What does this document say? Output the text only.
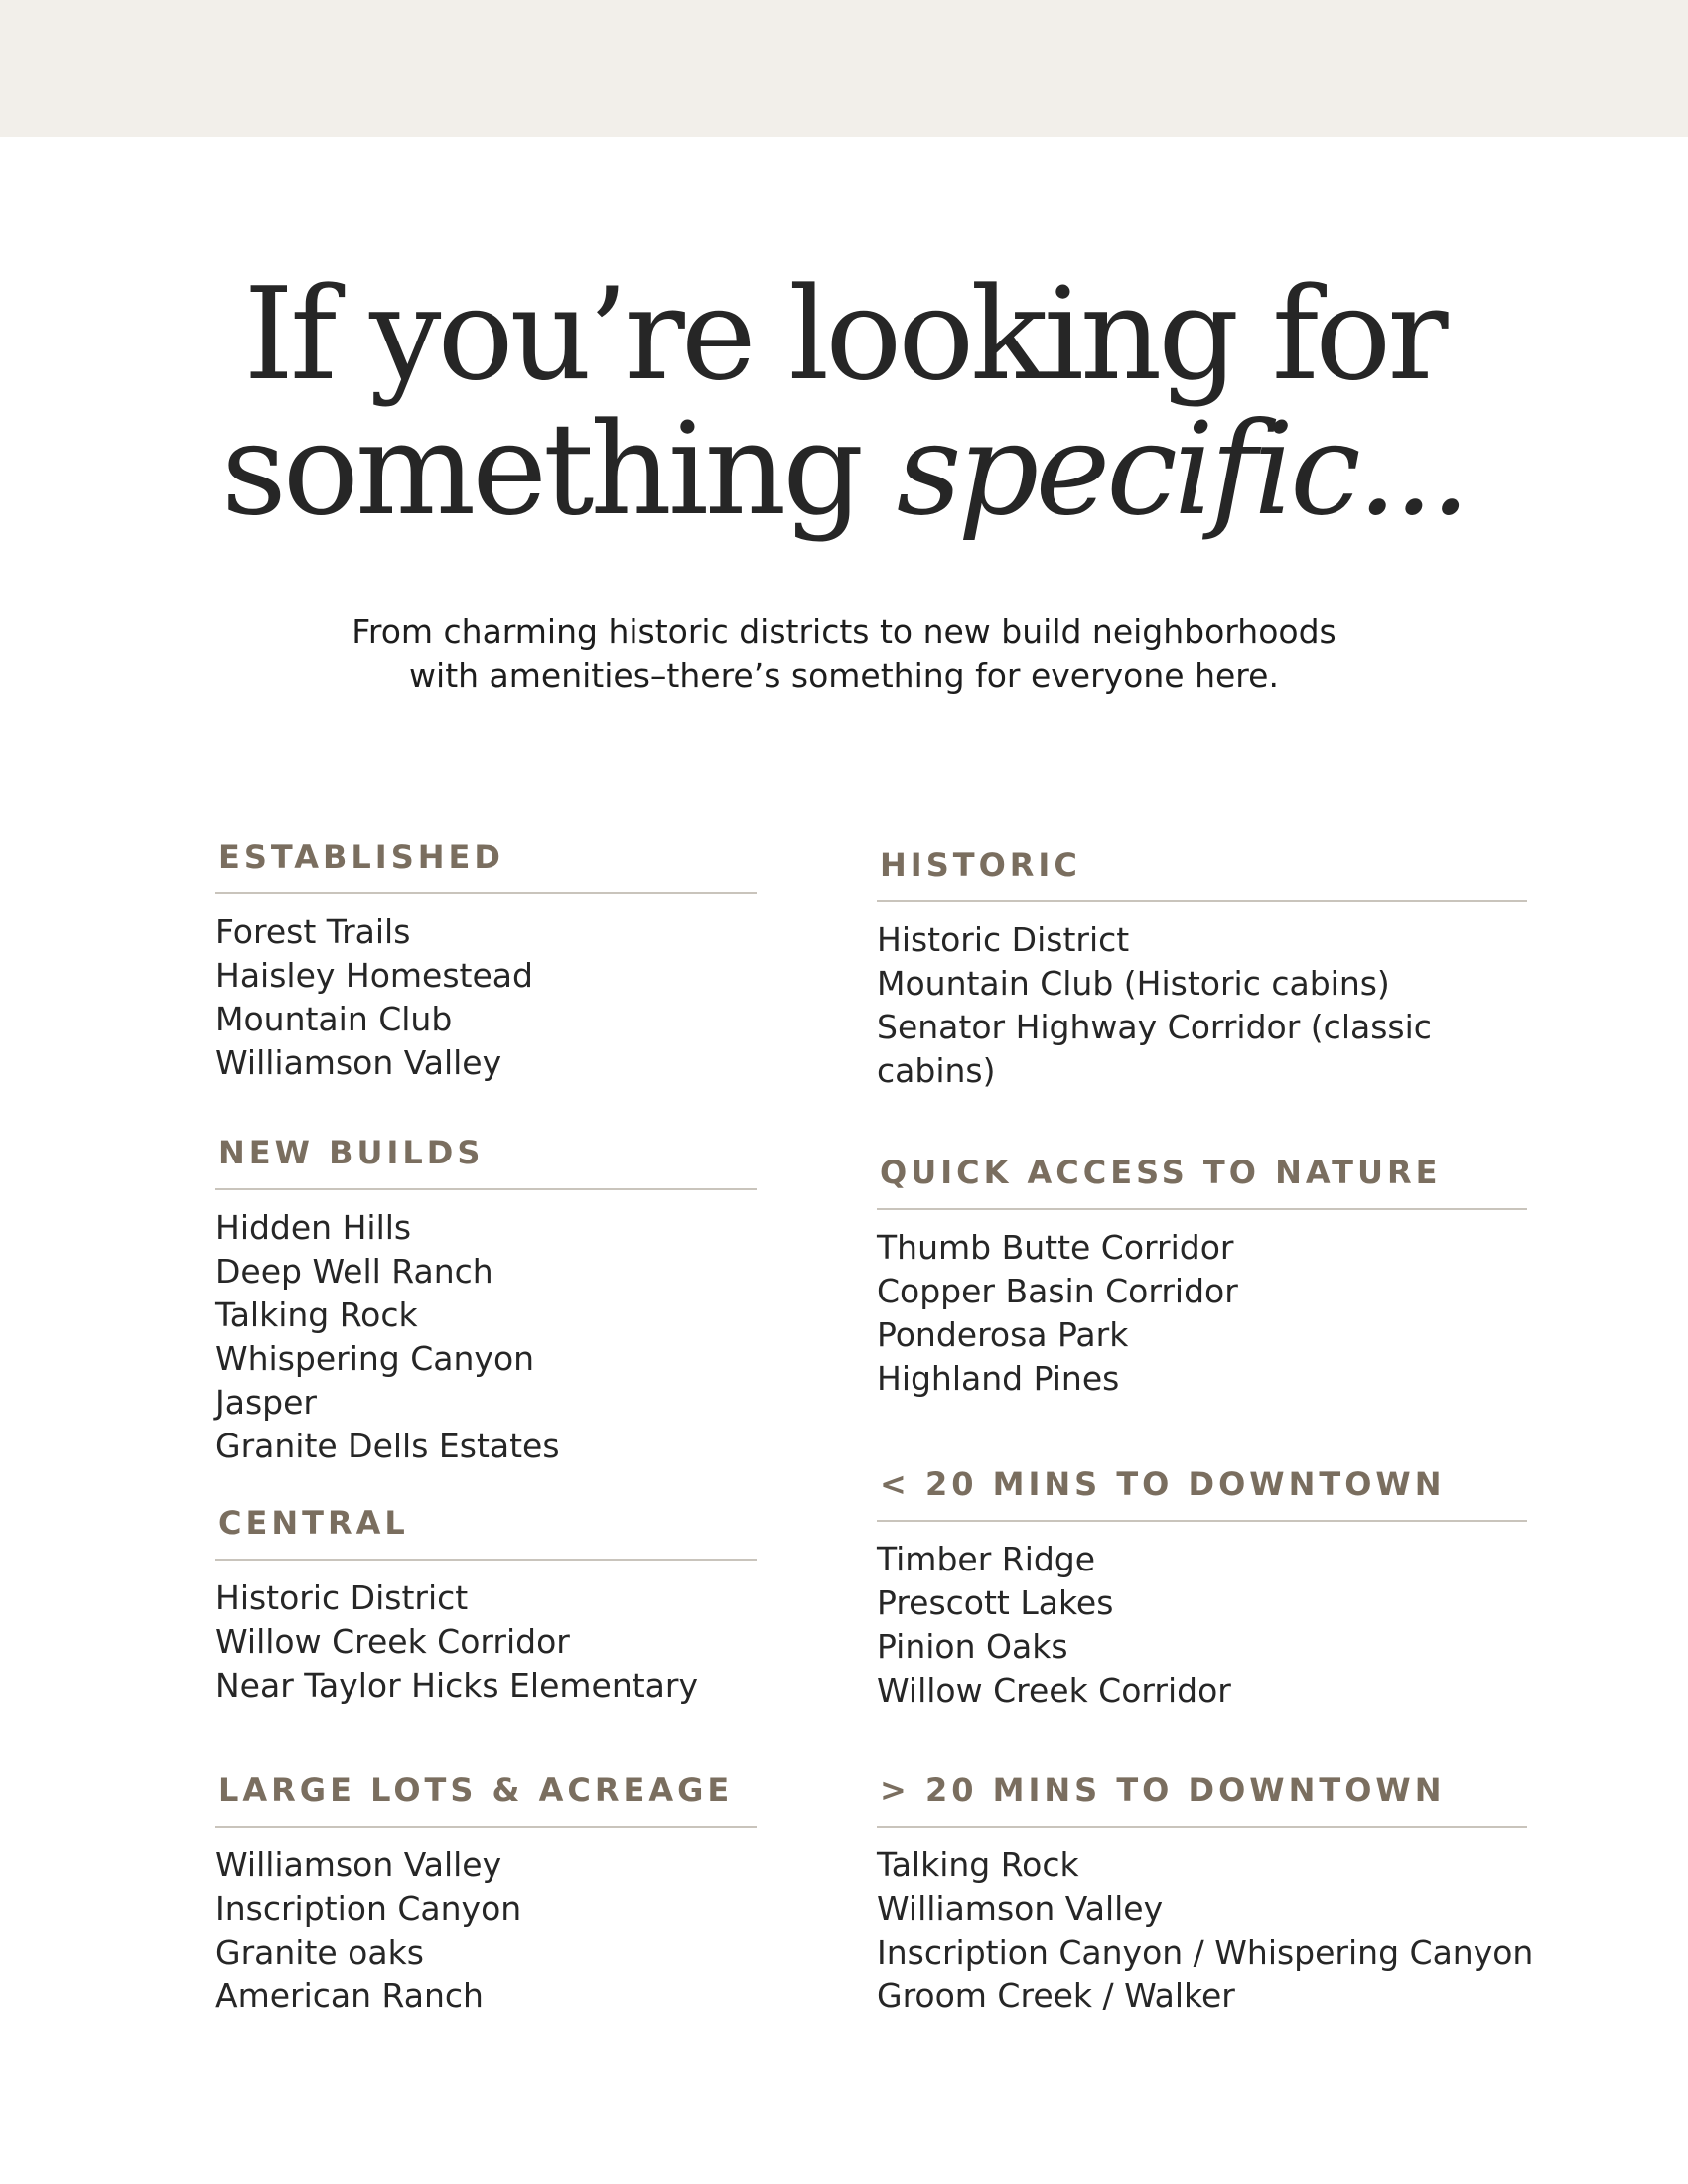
If you’re looking for
something specific...

From charming historic districts to new build neighborhoods
with amenities–there’s something for everyone here.

ESTABLISHED
Forest Trails
Haisley Homestead
Mountain Club
Williamson Valley
NEW BUILDS
Hidden Hills
Deep Well Ranch
Talking Rock
Whispering Canyon
Jasper
Granite Dells Estates
CENTRAL
Historic District
Willow Creek Corridor
Near Taylor Hicks Elementary
LARGE LOTS & ACREAGE
Williamson Valley
Inscription Canyon
Granite oaks
American Ranch
HISTORIC
Historic District
Mountain Club (Historic cabins)
Senator Highway Corridor (classic cabins)
QUICK ACCESS TO NATURE
Thumb Butte Corridor
Copper Basin Corridor
Ponderosa Park
Highland Pines
< 20 MINS TO DOWNTOWN
Timber Ridge
Prescott Lakes
Pinion Oaks
Willow Creek Corridor
> 20 MINS TO DOWNTOWN
Talking Rock
Williamson Valley
Inscription Canyon / Whispering Canyon
Groom Creek / Walker
